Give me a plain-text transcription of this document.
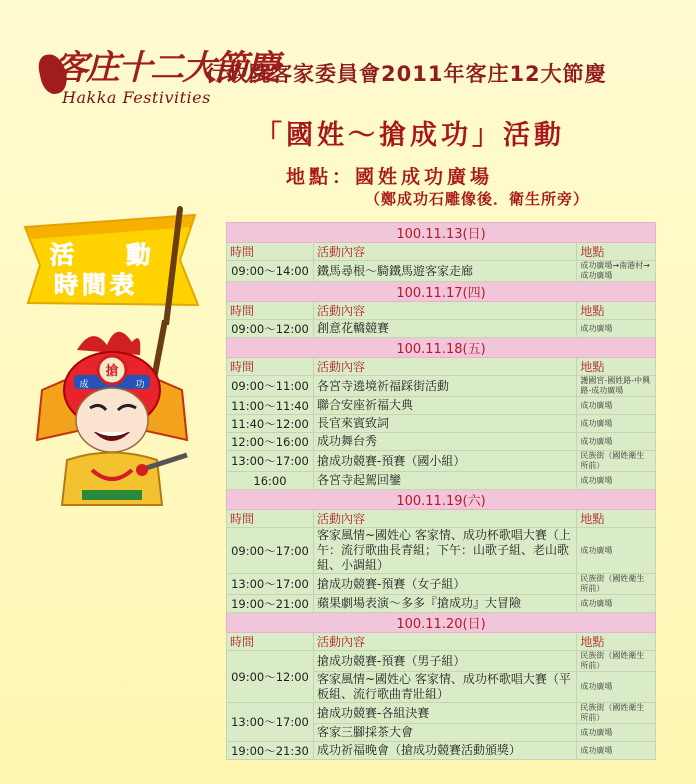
客庄十二大節慶
Hakka Festivities
行政院客家委員會2011年客庄12大節慶
「國姓～搶成功」活動
地點：國姓成功廣場
（鄭成功石雕像後．衛生所旁）
活 動
時間表
搶
成	功
100.11.13(日)		
時間	活動內容	地點
09:00～14:00	鐵馬尋根～騎鐵馬遊客家走廊	成功廣場→南港村→成功廣場
100.11.17(四)		
時間	活動內容	地點
09:00～12:00	創意花轎競賽	成功廣場
100.11.18(五)		
時間	活動內容	地點
09:00～11:00	各宮寺遶境祈福踩街活動	護國宮-國姓路-中興路-成功廣場
11:00～11:40	聯合安座祈福大典	成功廣場
11:40～12:00	長官來賓致詞	成功廣場
12:00～16:00	成功舞台秀	成功廣場
13:00～17:00	搶成功競賽-預賽（國小組）	民族街（國姓衛生所前）
16:00	各宮寺起駕回鑾	成功廣場
100.11.19(六)		
時間	活動內容	地點
09:00～17:00	客家風情~國姓心 客家情、成功杯歌唱大賽（上午：流行歌曲長青組；下午：山歌子組、老山歌組、小調組）	成功廣場
13:00～17:00	搶成功競賽-預賽（女子組）	民族街（國姓衛生所前）
19:00～21:00	蘋果劇場表演～多多『搶成功』大冒險	成功廣場
100.11.20(日)		
時間	活動內容	地點
09:00～12:00	搶成功競賽-預賽（男子組）	民族街（國姓衛生所前）
	客家風情~國姓心 客家情、成功杯歌唱大賽（平板組、流行歌曲青壯組）	成功廣場
13:00～17:00	搶成功競賽-各組決賽	民族街（國姓衛生所前）
	客家三腳採茶大會	成功廣場
19:00～21:30	成功祈福晚會（搶成功競賽活動頒獎）	成功廣場
